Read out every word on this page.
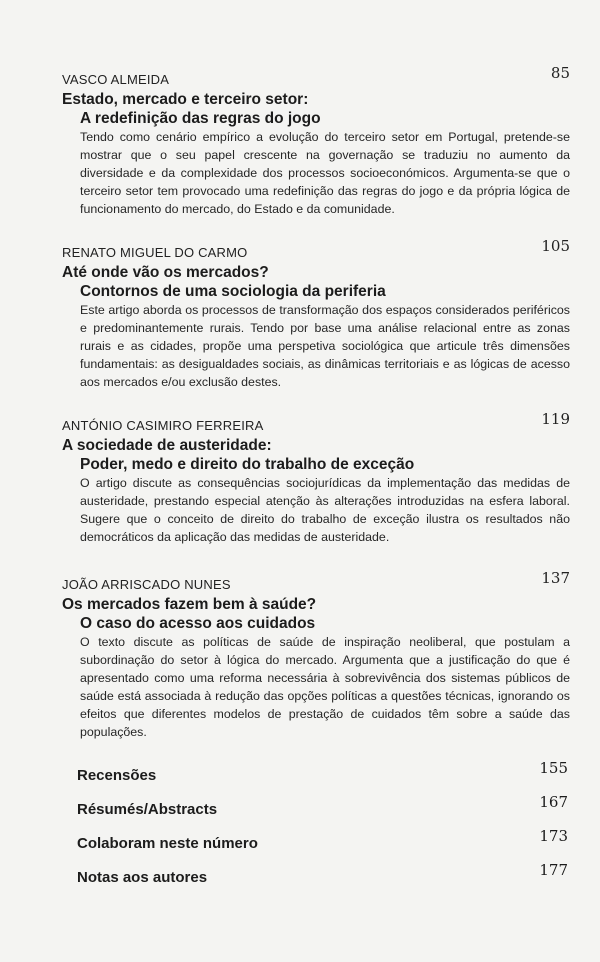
VASCO ALMEIDA	85
Estado, mercado e terceiro setor:
A redefinição das regras do jogo
Tendo como cenário empírico a evolução do terceiro setor em Portugal, pretende-se mostrar que o seu papel crescente na governação se traduziu no aumento da diversidade e da complexidade dos processos socioeconómicos. Argumenta-se que o terceiro setor tem provocado uma redefinição das regras do jogo e da própria lógica de funcionamento do mercado, do Estado e da comunidade.
RENATO MIGUEL DO CARMO	105
Até onde vão os mercados?
Contornos de uma sociologia da periferia
Este artigo aborda os processos de transformação dos espaços considerados periféricos e predominantemente rurais. Tendo por base uma análise relacional entre as zonas rurais e as cidades, propõe uma perspetiva sociológica que articule três dimensões fundamentais: as desigualdades sociais, as dinâmicas territoriais e as lógicas de acesso aos mercados e/ou exclusão destes.
ANTÓNIO CASIMIRO FERREIRA	119
A sociedade de austeridade:
Poder, medo e direito do trabalho de exceção
O artigo discute as consequências sociojurídicas da implementação das medidas de austeridade, prestando especial atenção às alterações introduzidas na esfera laboral. Sugere que o conceito de direito do trabalho de exceção ilustra os resultados não democráticos da aplicação das medidas de austeridade.
JOÃO ARRISCADO NUNES	137
Os mercados fazem bem à saúde?
O caso do acesso aos cuidados
O texto discute as políticas de saúde de inspiração neoliberal, que postulam a subordinação do setor à lógica do mercado. Argumenta que a justificação do que é apresentado como uma reforma necessária à sobrevivência dos sistemas públicos de saúde está associada à redução das opções políticas a questões técnicas, ignorando os efeitos que diferentes modelos de prestação de cuidados têm sobre a saúde das populações.
Recensões	155
Résumés/Abstracts	167
Colaboram neste número	173
Notas aos autores	177
